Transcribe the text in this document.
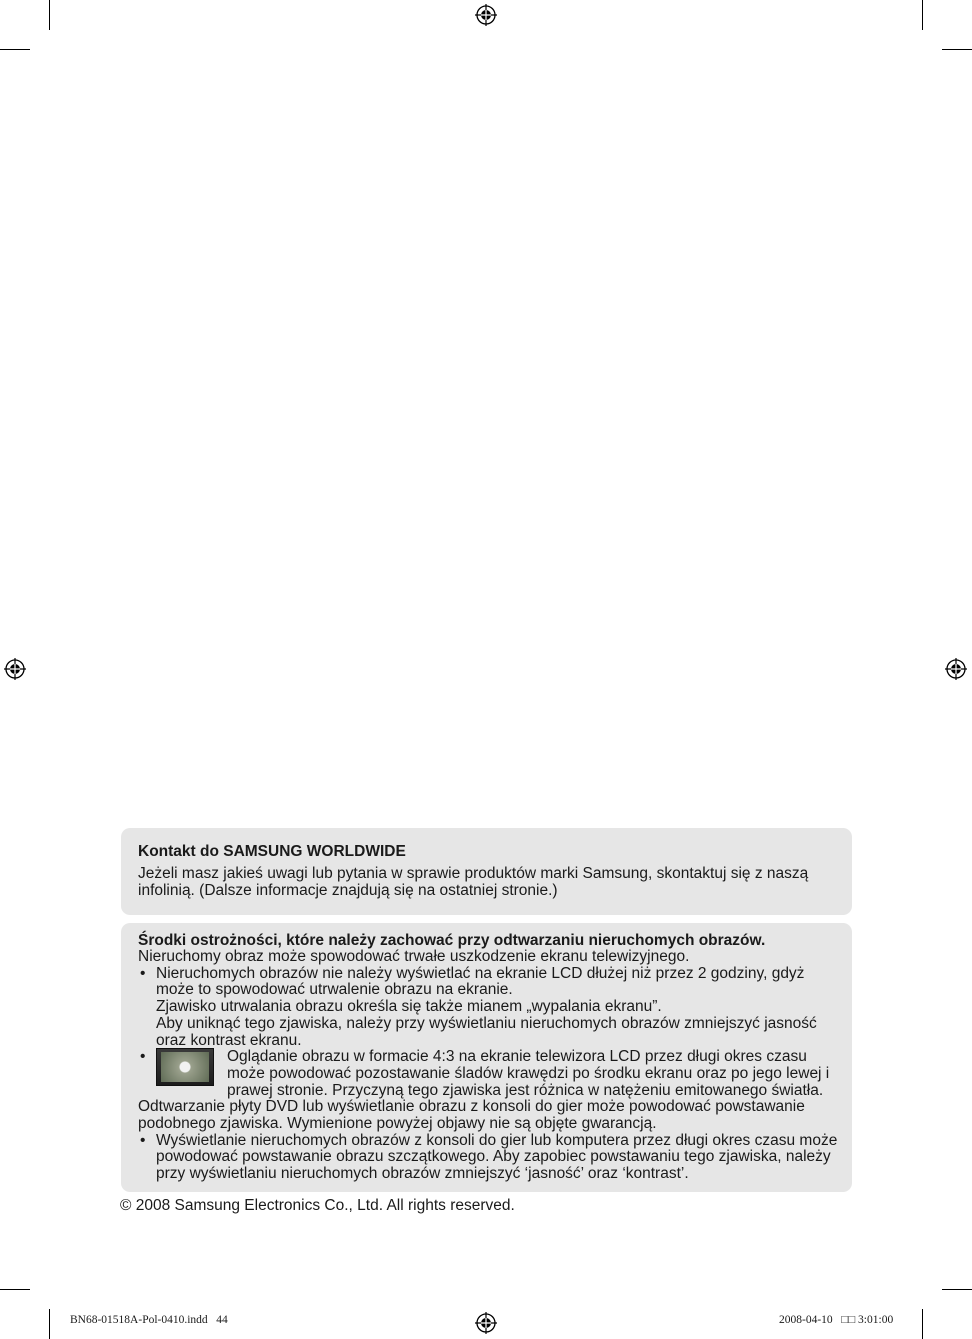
Kontakt do SAMSUNG WORLDWIDE

Jeżeli masz jakieś uwagi lub pytania w sprawie produktów marki Samsung, skontaktuj się z naszą infolinią. (Dalsze informacje znajdują się na ostatniej stronie.)

Środki ostrożności, które należy zachować przy odtwarzaniu nieruchomych obrazów.

Nieruchomy obraz może spowodować trwałe uszkodzenie ekranu telewizyjnego.

• Nieruchomych obrazów nie należy wyświetlać na ekranie LCD dłużej niż przez 2 godziny, gdyż może to spowodować utrwalenie obrazu na ekranie.

Zjawisko utrwalania obrazu określa się także mianem „wypalania ekranu”.

Aby uniknąć tego zjawiska, należy przy wyświetlaniu nieruchomych obrazów zmniejszyć jasność oraz kontrast ekranu.

•	Oglądanie obrazu w formacie 4:3 na ekranie telewizora LCD przez długi okres czasu może powodować pozostawanie śladów krawędzi po środku ekranu oraz po jego lewej i prawej stronie. Przyczyną tego zjawiska jest różnica w natężeniu emitowanego światła. Odtwarzanie płyty DVD lub wyświetlanie obrazu z konsoli do gier może powodować powstawanie podobnego zjawiska. Wymienione powyżej objawy nie są objęte gwarancją.

• Wyświetlanie nieruchomych obrazów z konsoli do gier lub komputera przez długi okres czasu może powodować powstawanie obrazu szczątkowego. Aby zapobiec powstawaniu tego zjawiska, należy przy wyświetlaniu nieruchomych obrazów zmniejszyć ‘jasność’ oraz ‘kontrast’.

© 2008 Samsung Electronics Co., Ltd. All rights reserved.
BN68-01518A-Pol-0410.indd   44	2008-04-10   □□ 3:01:00
